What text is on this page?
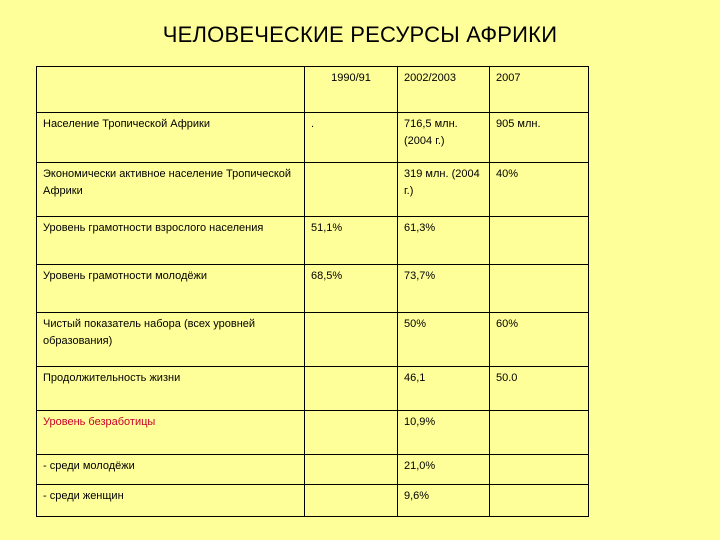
ЧЕЛОВЕЧЕСКИЕ РЕСУРСЫ АФРИКИ
	1990/91	2002/2003	2007
Население Тропической Африки	.	716,5 млн. (2004 г.)	905 млн.
Экономически активное население Тропической Африки		319 млн. (2004 г.)	40%
Уровень грамотности взрослого населения	51,1%	61,3%	
Уровень грамотности молодёжи	68,5%	73,7%	
Чистый показатель набора (всех уровней образования)		50%	60%
Продолжительность жизни		46,1	50.0
Уровень безработицы		10,9%	
- среди молодёжи		21,0%	
- среди женщин		9,6%	
